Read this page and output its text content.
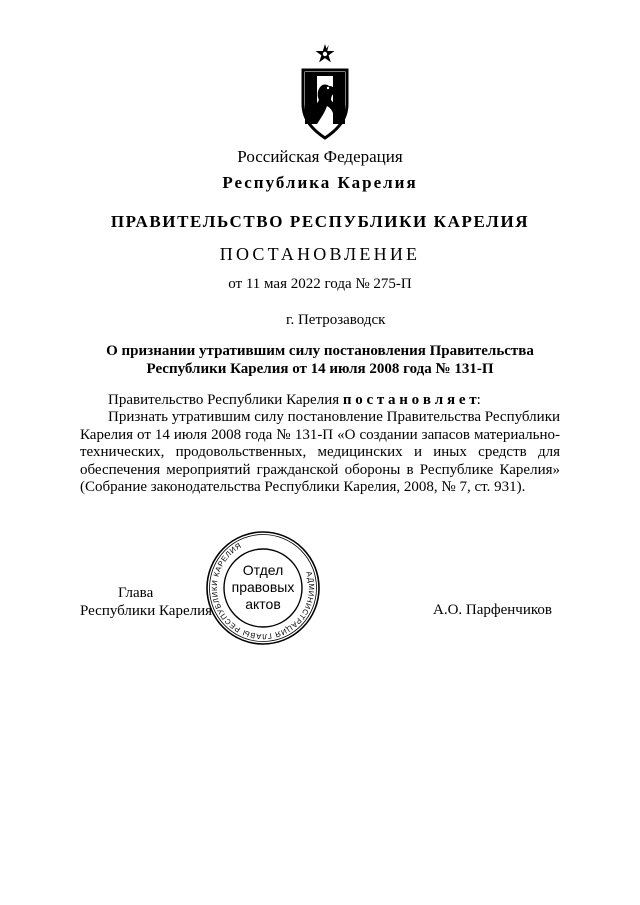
Российская Федерация
Республика Карелия
ПРАВИТЕЛЬСТВО РЕСПУБЛИКИ КАРЕЛИЯ
ПОСТАНОВЛЕНИЕ
от 11 мая 2022 года № 275-П
г. Петрозаводск
О признании утратившим силу постановления Правительства
Республики Карелия от 14 июля 2008 года № 131-П

Правительство Республики Карелия п о с т а н о в л я е т:

Признать утратившим силу постановление Правительства Республики Карелия от 14 июля 2008 года № 131-П «О создании запасов материально-технических, продовольственных, медицинских и иных средств для обеспечения мероприятий гражданской обороны в Республике Карелия» (Собрание законодательства Республики Карелия, 2008, № 7, ст. 931).

Глава
Республики Карелия
АДМИНИСТРАЦИЯ ГЛАВЫ РЕСПУБЛИКИ КАРЕЛИЯ
Отдел
правовых
актов	А.О. Парфенчиков
